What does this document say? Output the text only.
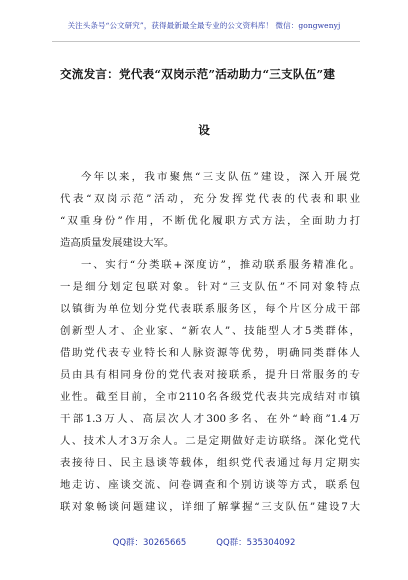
关注头条号“公文研究”，获得最新最全最专业的公文资料库！ 微信：gongwenyj
交流发言：党代表“双岗示范”活动助力“三支队伍”建
设
今年以来，我市聚焦“三支队伍”建设，深入开展党
代表“双岗示范”活动，充分发挥党代表的代表和职业
“双重身份”作用，不断优化履职方式方法，全面助力打
造高质量发展建设大军。
一、实行“分类联+深度访”，推动联系服务精准化。
一是细分划定包联对象。针对“三支队伍”不同对象特点
以镇街为单位划分党代表联系服务区，每个片区分成干部
创新型人才、企业家、“新农人”、技能型人才5类群体，
借助党代表专业特长和人脉资源等优势，明确同类群体人
员由具有相同身份的党代表对接联系，提升日常服务的专
业性。截至目前，全市2110名各级党代表共完成结对市镇
干部1.3万人、高层次人才300多名、在外“岭商”1.4万
人、技术人才3万余人。二是定期做好走访联络。深化党代
表接待日、民主恳谈等载体，组织党代表通过每月定期实
地走访、座谈交流、问卷调查和个别访谈等方式，联系包
联对象畅谈问题建议，详细了解掌握“三支队伍”建设7大
QQ群：30265665	QQ群：535304092
